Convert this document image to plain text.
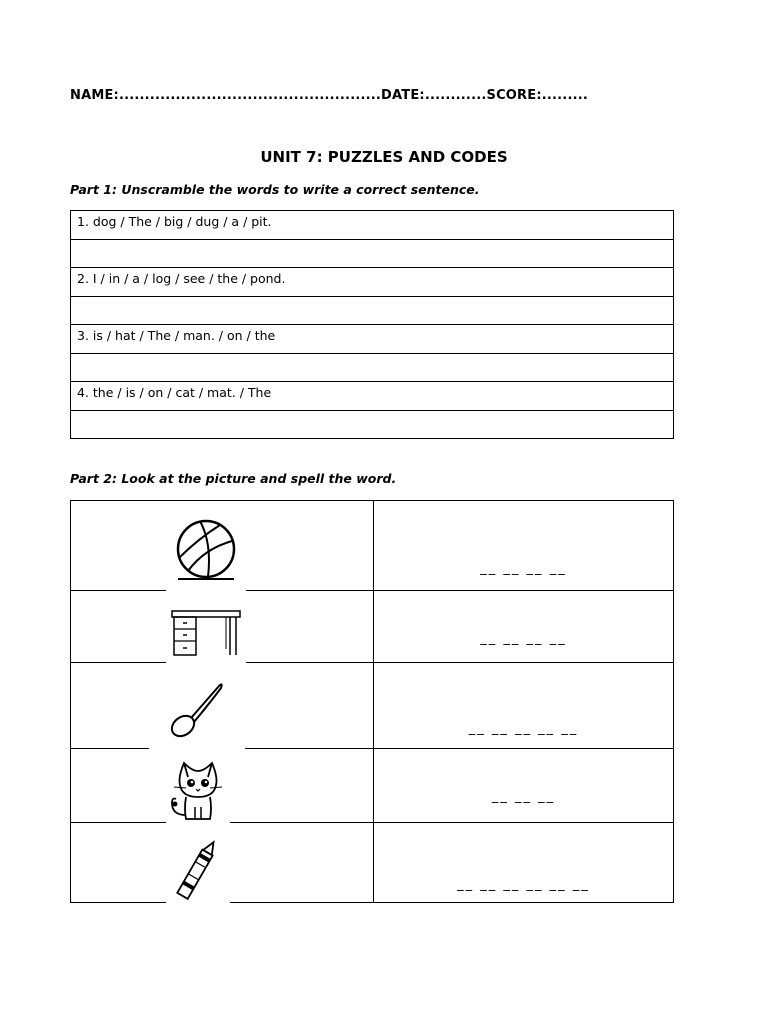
NAME:...................................................DATE:............SCORE:.........
UNIT 7: PUZZLES AND CODES
Part 1: Unscramble the words to write a correct sentence.
1. dog / The / big / dug / a / pit.

2. I / in / a / log / see / the / pond.

3. is / hat / The / man. / on / the

4. the / is / on / cat / mat. / The

Part 2: Look at the picture and spell the word.

__ __ __ __

__ __ __ __

__ __ __ __ __

__ __ __

__ __ __ __ __ __
